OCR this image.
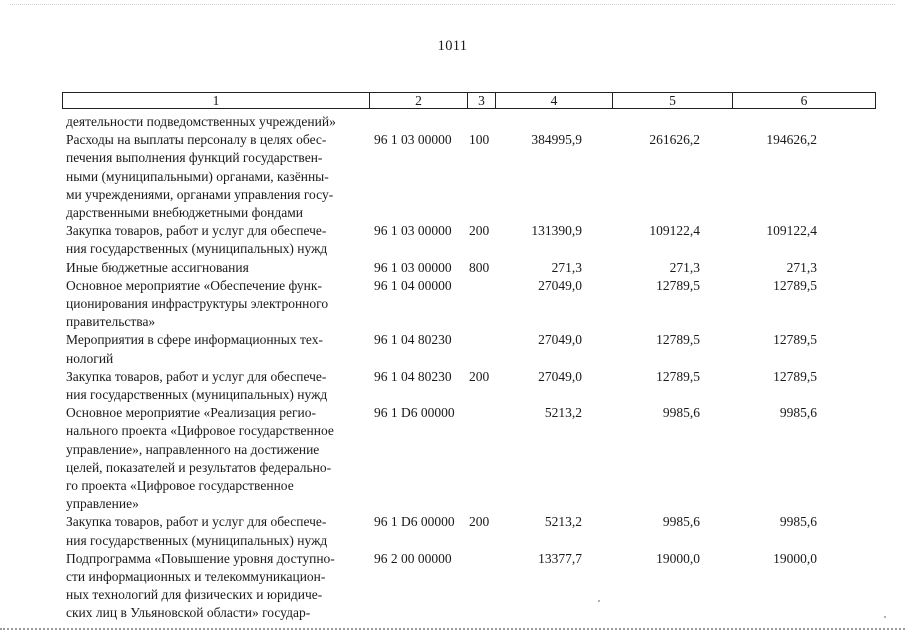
1011
1	2	3	4	5	6
деятельности подведомственных учреждений»
Расходы на выплаты персоналу в целях обес-
печения выполнения функций государствен-
ными (муниципальными) органами, казённы-
ми учреждениями, органами управления госу-
дарственными внебюджетными фондами
96 1 03 00000 100	384995,9	261626,2	194626,2
Закупка товаров, работ и услуг для обеспече-
ния государственных (муниципальных) нужд
96 1 03 00000 200	131390,9	109122,4	109122,4
Иные бюджетные ассигнования	96 1 03 00000 800	271,3	271,3	271,3
Основное мероприятие «Обеспечение функ-
ционирования инфраструктуры электронного
правительства»
96 1 04 00000	27049,0	12789,5	12789,5
Мероприятия в сфере информационных тех-
нологий
96 1 04 80230	27049,0	12789,5	12789,5
Закупка товаров, работ и услуг для обеспече-
ния государственных (муниципальных) нужд
96 1 04 80230 200	27049,0	12789,5	12789,5
Основное мероприятие «Реализация регио-
нального проекта «Цифровое государственное
управление», направленного на достижение
целей, показателей и результатов федерально-
го проекта «Цифровое государственное
управление»
96 1 D6 00000	5213,2	9985,6	9985,6
Закупка товаров, работ и услуг для обеспече-
ния государственных (муниципальных) нужд
96 1 D6 00000 200	5213,2	9985,6	9985,6
Подпрограмма «Повышение уровня доступно-
сти информационных и телекоммуникацион-
ных технологий для физических и юридиче-
ских лиц в Ульяновской области» государ-
96 2 00 00000	13377,7	19000,0	19000,0
